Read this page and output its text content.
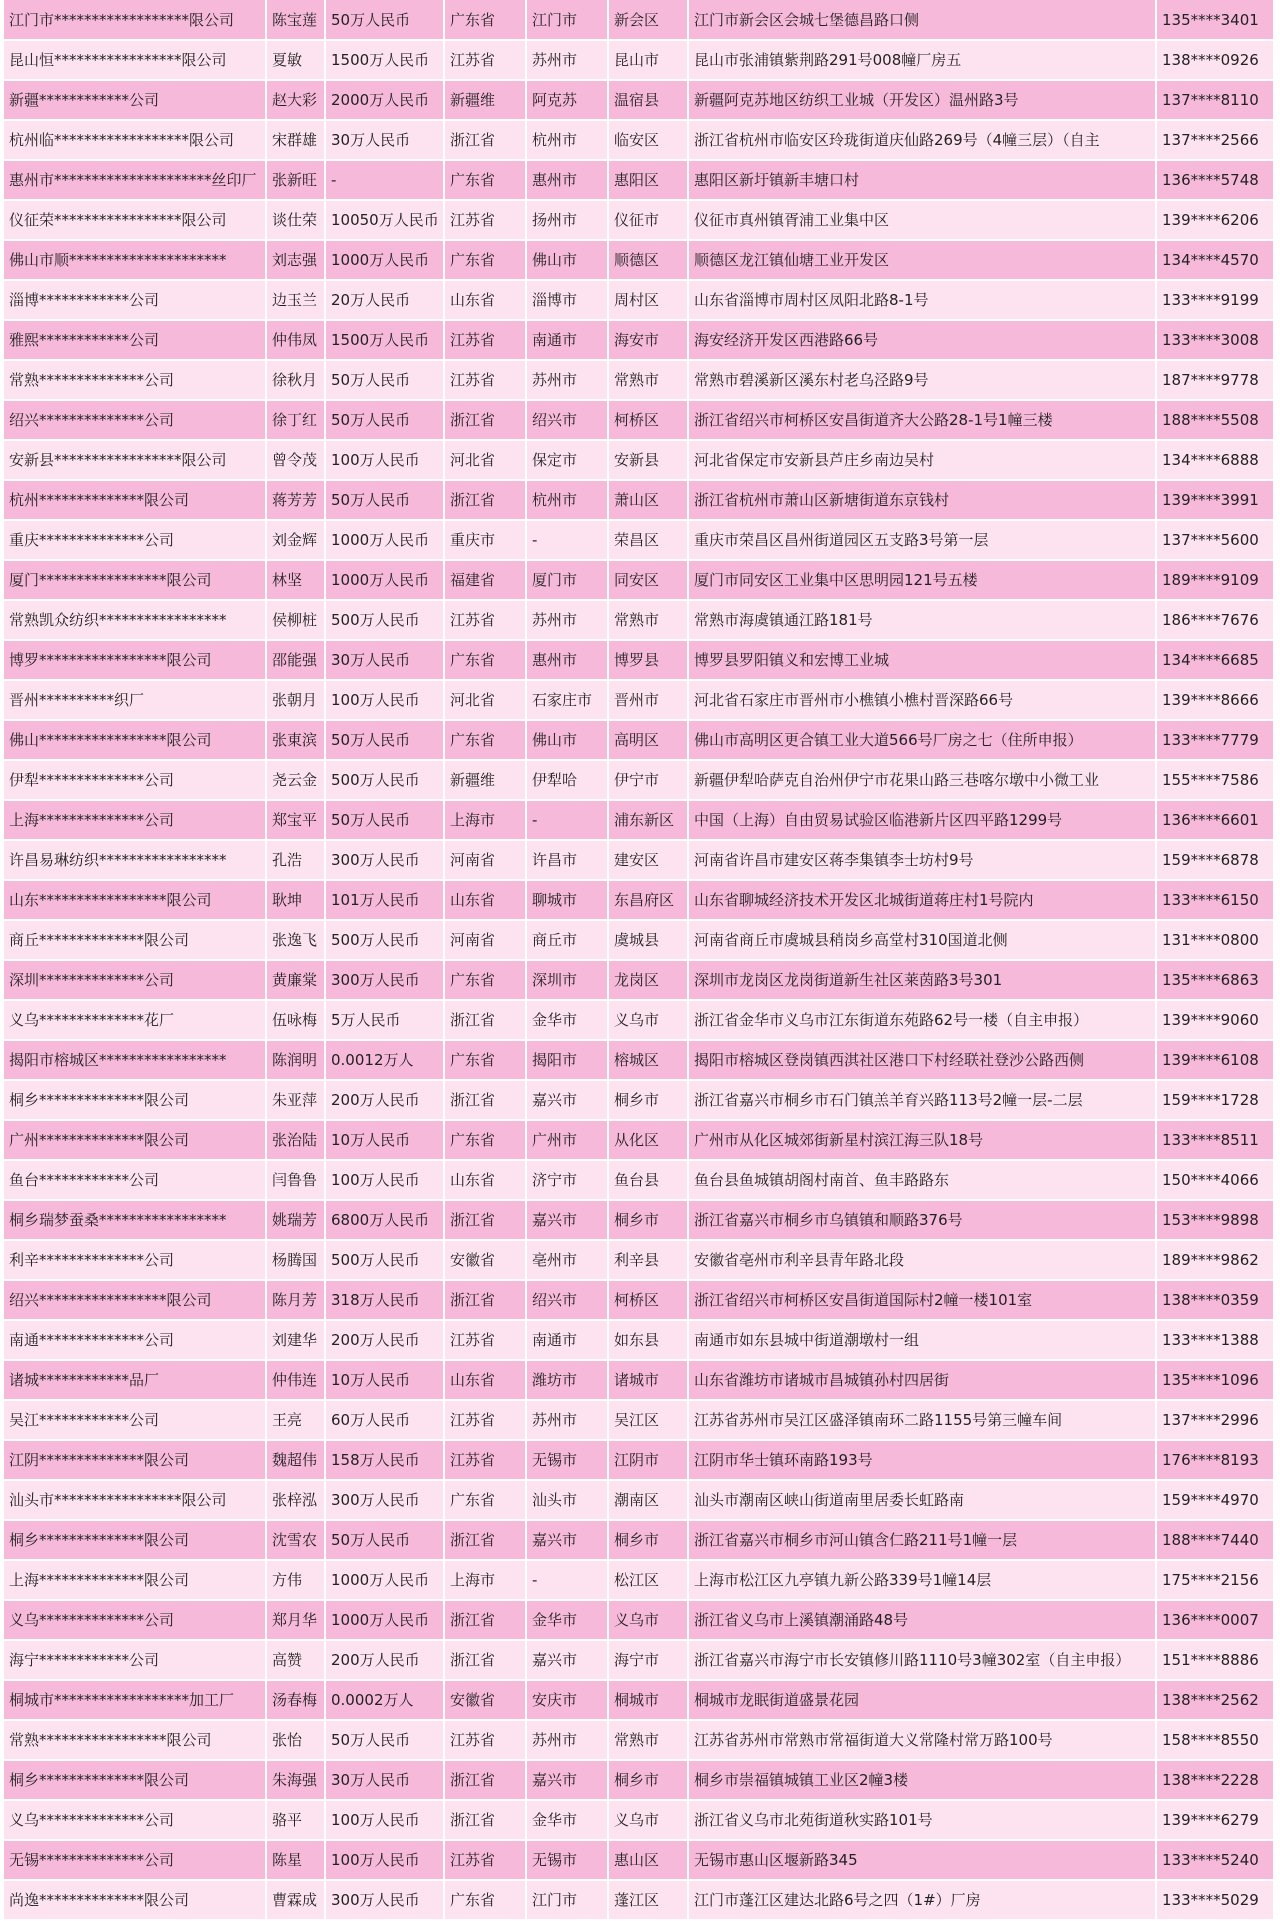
江门市******************限公司	陈宝莲	50万人民币	广东省	江门市	新会区	江门市新会区会城七堡德昌路口侧	135****3401
昆山恒*****************限公司	夏敏	1500万人民币	江苏省	苏州市	昆山市	昆山市张浦镇紫荆路291号008幢厂房五	138****0926
新疆************公司	赵大彩	2000万人民币	新疆维	阿克苏	温宿县	新疆阿克苏地区纺织工业城（开发区）温州路3号	137****8110
杭州临******************限公司	宋群雄	30万人民币	浙江省	杭州市	临安区	浙江省杭州市临安区玲珑街道庆仙路269号（4幢三层）（自主	137****2566
惠州市*********************丝印厂	张新旺	-	广东省	惠州市	惠阳区	惠阳区新圩镇新丰塘口村	136****5748
仪征荣*****************限公司	谈仕荣	10050万人民币	江苏省	扬州市	仪征市	仪征市真州镇胥浦工业集中区	139****6206
佛山市顺*********************	刘志强	1000万人民币	广东省	佛山市	顺德区	顺德区龙江镇仙塘工业开发区	134****4570
淄博************公司	边玉兰	20万人民币	山东省	淄博市	周村区	山东省淄博市周村区凤阳北路8-1号	133****9199
雅熙************公司	仲伟凤	1500万人民币	江苏省	南通市	海安市	海安经济开发区西港路66号	133****3008
常熟**************公司	徐秋月	50万人民币	江苏省	苏州市	常熟市	常熟市碧溪新区溪东村老乌泾路9号	187****9778
绍兴**************公司	徐丁红	50万人民币	浙江省	绍兴市	柯桥区	浙江省绍兴市柯桥区安昌街道齐大公路28-1号1幢三楼	188****5508
安新县*****************限公司	曾令茂	100万人民币	河北省	保定市	安新县	河北省保定市安新县芦庄乡南边吴村	134****6888
杭州**************限公司	蒋芳芳	50万人民币	浙江省	杭州市	萧山区	浙江省杭州市萧山区新塘街道东京钱村	139****3991
重庆**************公司	刘金辉	1000万人民币	重庆市	-	荣昌区	重庆市荣昌区昌州街道园区五支路3号第一层	137****5600
厦门*****************限公司	林坚	1000万人民币	福建省	厦门市	同安区	厦门市同安区工业集中区思明园121号五楼	189****9109
常熟凯众纺织*****************	侯柳桩	500万人民币	江苏省	苏州市	常熟市	常熟市海虞镇通江路181号	186****7676
博罗*****************限公司	邵能强	30万人民币	广东省	惠州市	博罗县	博罗县罗阳镇义和宏博工业城	134****6685
晋州**********织厂	张朝月	100万人民币	河北省	石家庄市	晋州市	河北省石家庄市晋州市小樵镇小樵村晋深路66号	139****8666
佛山*****************限公司	张東滨	50万人民币	广东省	佛山市	高明区	佛山市高明区更合镇工业大道566号厂房之七（住所申报）	133****7779
伊犁**************公司	尧云金	500万人民币	新疆维	伊犁哈	伊宁市	新疆伊犁哈萨克自治州伊宁市花果山路三巷喀尔墩中小微工业	155****7586
上海**************公司	郑宝平	50万人民币	上海市	-	浦东新区	中国（上海）自由贸易试验区临港新片区四平路1299号	136****6601
许昌易琳纺织*****************	孔浩	300万人民币	河南省	许昌市	建安区	河南省许昌市建安区蒋李集镇李士坊村9号	159****6878
山东*****************限公司	耿坤	101万人民币	山东省	聊城市	东昌府区	山东省聊城经济技术开发区北城街道蒋庄村1号院内	133****6150
商丘**************限公司	张逸飞	500万人民币	河南省	商丘市	虞城县	河南省商丘市虞城县稍岗乡高堂村310国道北侧	131****0800
深圳**************公司	黄廉棠	300万人民币	广东省	深圳市	龙岗区	深圳市龙岗区龙岗街道新生社区莱茵路3号301	135****6863
义乌**************花厂	伍咏梅	5万人民币	浙江省	金华市	义乌市	浙江省金华市义乌市江东街道东苑路62号一楼（自主申报）	139****9060
揭阳市榕城区*****************	陈润明	0.0012万人	广东省	揭阳市	榕城区	揭阳市榕城区登岗镇西淇社区港口下村经联社登沙公路西侧	139****6108
桐乡**************限公司	朱亚萍	200万人民币	浙江省	嘉兴市	桐乡市	浙江省嘉兴市桐乡市石门镇羔羊育兴路113号2幢一层-二层	159****1728
广州**************限公司	张治陆	10万人民币	广东省	广州市	从化区	广州市从化区城郊街新星村滨江海三队18号	133****8511
鱼台************公司	闫鲁鲁	100万人民币	山东省	济宁市	鱼台县	鱼台县鱼城镇胡阁村南首、鱼丰路路东	150****4066
桐乡瑞梦蚕桑*****************	姚瑞芳	6800万人民币	浙江省	嘉兴市	桐乡市	浙江省嘉兴市桐乡市乌镇镇和顺路376号	153****9898
利辛**************公司	杨腾国	500万人民币	安徽省	亳州市	利辛县	安徽省亳州市利辛县青年路北段	189****9862
绍兴*****************限公司	陈月芳	318万人民币	浙江省	绍兴市	柯桥区	浙江省绍兴市柯桥区安昌街道国际村2幢一楼101室	138****0359
南通**************公司	刘建华	200万人民币	江苏省	南通市	如东县	南通市如东县城中街道潮墩村一组	133****1388
诸城************品厂	仲伟连	10万人民币	山东省	潍坊市	诸城市	山东省潍坊市诸城市昌城镇孙村四居街	135****1096
吴江************公司	王亮	60万人民币	江苏省	苏州市	吴江区	江苏省苏州市吴江区盛泽镇南环二路1155号第三幢车间	137****2996
江阴**************限公司	魏超伟	158万人民币	江苏省	无锡市	江阴市	江阴市华士镇环南路193号	176****8193
汕头市*****************限公司	张梓泓	300万人民币	广东省	汕头市	潮南区	汕头市潮南区峡山街道南里居委长虹路南	159****4970
桐乡**************限公司	沈雪农	50万人民币	浙江省	嘉兴市	桐乡市	浙江省嘉兴市桐乡市河山镇含仁路211号1幢一层	188****7440
上海**************限公司	方伟	1000万人民币	上海市	-	松江区	上海市松江区九亭镇九新公路339号1幢14层	175****2156
义乌**************公司	郑月华	1000万人民币	浙江省	金华市	义乌市	浙江省义乌市上溪镇潮涌路48号	136****0007
海宁************公司	高赞	200万人民币	浙江省	嘉兴市	海宁市	浙江省嘉兴市海宁市长安镇修川路1110号3幢302室（自主申报）	151****8886
桐城市******************加工厂	汤春梅	0.0002万人	安徽省	安庆市	桐城市	桐城市龙眠街道盛景花园	138****2562
常熟*****************限公司	张怡	50万人民币	江苏省	苏州市	常熟市	江苏省苏州市常熟市常福街道大义常隆村常万路100号	158****8550
桐乡**************限公司	朱海强	30万人民币	浙江省	嘉兴市	桐乡市	桐乡市崇福镇城镇工业区2幢3楼	138****2228
义乌**************公司	骆平	100万人民币	浙江省	金华市	义乌市	浙江省义乌市北苑街道秋实路101号	139****6279
无锡**************公司	陈星	100万人民币	江苏省	无锡市	惠山区	无锡市惠山区堰新路345	133****5240
尚逸**************限公司	曹霖成	300万人民币	广东省	江门市	蓬江区	江门市蓬江区建达北路6号之四（1#）厂房	133****5029
